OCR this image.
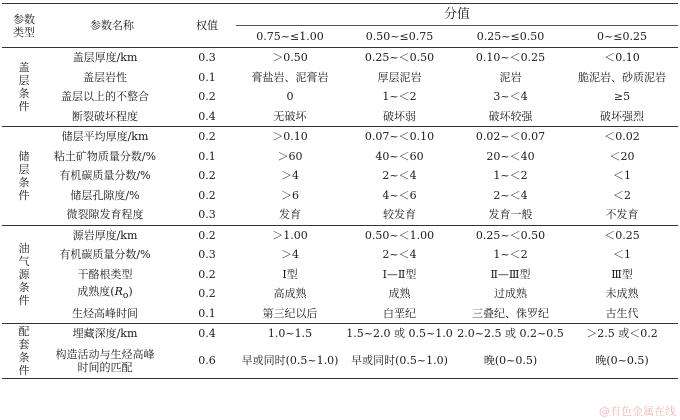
参数
类型	参数名称	权值	分值			
			0.75~≤1.00	0.50~≤0.75	0.25~≤0.50	0~≤0.25
盖
层
条
件	盖层厚度/km	0.3	＞0.50	0.25~＜0.50	0.10~＜0.25	＜0.10
	盖层岩性	0.1	膏盐岩、泥膏岩	厚层泥岩	泥岩	脆泥岩、砂质泥岩
	盖层以上的不整合	0.2	0	1~＜2	3~＜4	≥5
	断裂破坏程度	0.4	无破坏	破坏弱	破坏较强	破坏强烈
储
层
条
件	储层平均厚度/km	0.2	＞0.10	0.07~＜0.10	0.02~＜0.07	＜0.02
	粘土矿物质量分数/%	0.1	＞60	40~＜60	20~＜40	＜20
	有机碳质量分数/%	0.2	＞4	2~＜4	1~＜2	＜1
	储层孔隙度/%	0.2	＞6	4~＜6	2~＜4	＜2
	微裂隙发育程度	0.3	发育	较发育	发育一般	不发育
油
气
源
条
件	源岩厚度/km	0.2	＞1.00	0.50~＜1.00	0.25~＜0.50	＜0.25
	有机碳质量分数/%	0.3	＞4	2~＜4	1~＜2	＜1
	干酪根类型	0.2	Ⅰ型	Ⅰ—Ⅱ型	Ⅱ—Ⅲ型	Ⅲ型
	成熟度$(R_o)$	0.2	高成熟	成熟	过成熟	未成熟
	生烃高峰时间	0.1	第三纪以后	白垩纪	三叠纪、侏罗纪	古生代
配
套
条
件	埋藏深度/km	0.4	1.0~1.5	1.5~2.0 或 0.5~1.0	2.0~2.5 或 0.2~0.5	＞2.5 或＜0.2
	构造活动与生烃高峰
时间的匹配	0.6	早或同时(0.5~1.0)	早或同时(0.5~1.0)	晚(0~0.5)	晚(0~0.5)
@有色金属在线
